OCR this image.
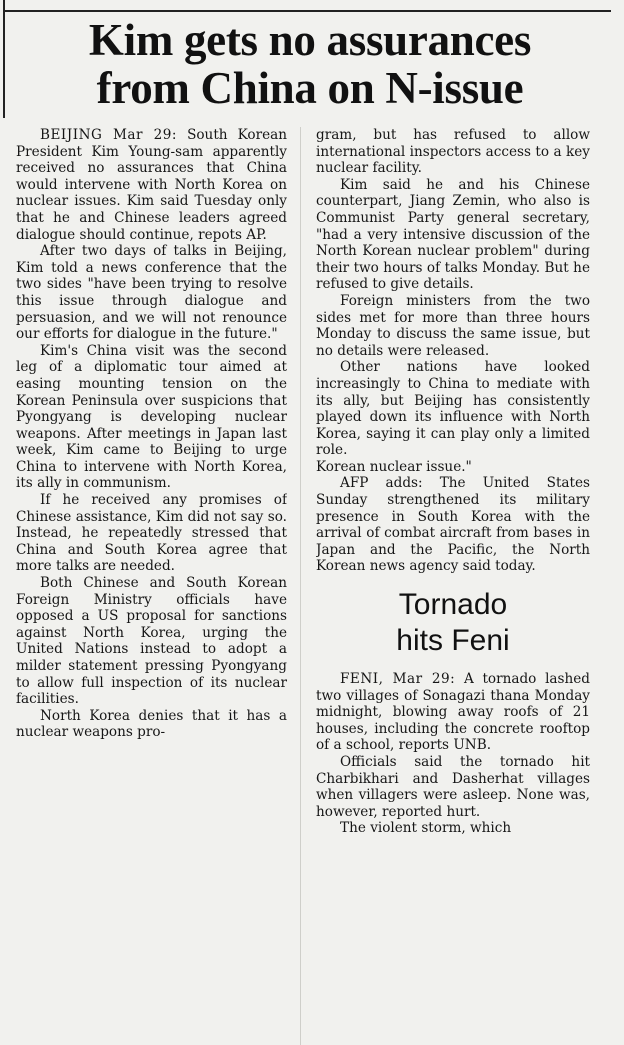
Kim gets no assurances
from China on N-issue

BEIJING Mar 29: South Korean President Kim Young-sam apparently received no assurances that China would intervene with North Korea on nuclear issues. Kim said Tuesday only that he and Chinese leaders agreed dialogue should continue, repots AP.

After two days of talks in Beijing, Kim told a news conference that the two sides "have been trying to resolve this issue through dialogue and persuasion, and we will not renounce our efforts for dialogue in the future."

Kim's China visit was the second leg of a diplomatic tour aimed at easing mounting tension on the Korean Peninsula over suspicions that Pyongyang is developing nuclear weapons. After meetings in Japan last week, Kim came to Beijing to urge China to intervene with North Korea, its ally in communism.

If he received any promises of Chinese assistance, Kim did not say so. Instead, he repeatedly stressed that China and South Korea agree that more talks are needed.

Both Chinese and South Korean Foreign Ministry officials have opposed a US proposal for sanctions against North Korea, urging the United Nations instead to adopt a milder statement pressing Pyongyang to allow full inspection of its nuclear facilities.

North Korea denies that it has a nuclear weapons pro-

gram, but has refused to allow international inspectors access to a key nuclear facility.

Kim said he and his Chinese counterpart, Jiang Zemin, who also is Communist Party general secretary, "had a very intensive discussion of the North Korean nuclear problem" during their two hours of talks Monday. But he refused to give details.

Foreign ministers from the two sides met for more than three hours Monday to discuss the same issue, but no details were released.

Other nations have looked increasingly to China to mediate with its ally, but Beijing has consistently played down its influence with North Korea, saying it can play only a limited role.

Korean nuclear issue."

AFP adds: The United States Sunday strengthened its military presence in South Korea with the arrival of combat aircraft from bases in Japan and the Pacific, the North Korean news agency said today.

Tornado
hits Feni

FENI, Mar 29: A tornado lashed two villages of Sonagazi thana Monday midnight, blowing away roofs of 21 houses, including the concrete rooftop of a school, reports UNB.

Officials said the tornado hit Charbikhari and Dasherhat villages when villagers were asleep. None was, however, reported hurt.

The violent storm, which
